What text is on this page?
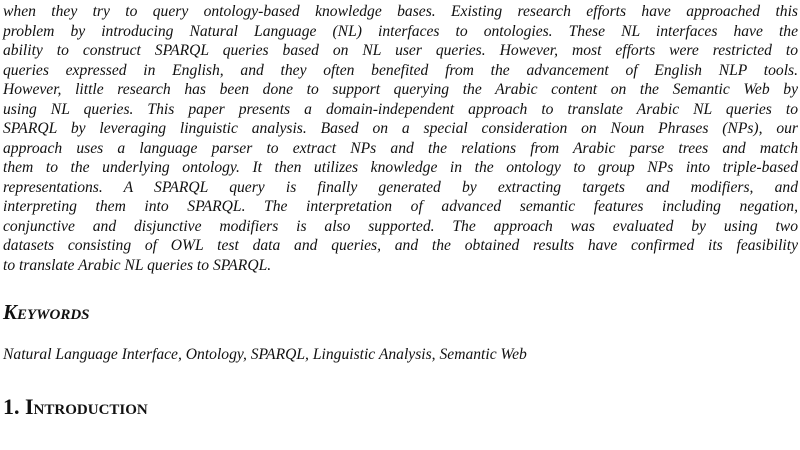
when they try to query ontology-based knowledge bases. Existing research efforts have approached this
problem by introducing Natural Language (NL) interfaces to ontologies. These NL interfaces have the
ability to construct SPARQL queries based on NL user queries. However, most efforts were restricted to
queries expressed in English, and they often benefited from the advancement of English NLP tools.
However, little research has been done to support querying the Arabic content on the Semantic Web by
using NL queries. This paper presents a domain-independent approach to translate Arabic NL queries to
SPARQL by leveraging linguistic analysis. Based on a special consideration on Noun Phrases (NPs), our
approach uses a language parser to extract NPs and the relations from Arabic parse trees and match
them to the underlying ontology. It then utilizes knowledge in the ontology to group NPs into triple-based
representations. A SPARQL query is finally generated by extracting targets and modifiers, and
interpreting them into SPARQL. The interpretation of advanced semantic features including negation,
conjunctive and disjunctive modifiers is also supported. The approach was evaluated by using two
datasets consisting of OWL test data and queries, and the obtained results have confirmed its feasibility
to translate Arabic NL queries to SPARQL.
Keywords
Natural Language Interface, Ontology, SPARQL, Linguistic Analysis, Semantic Web
1. Introduction
